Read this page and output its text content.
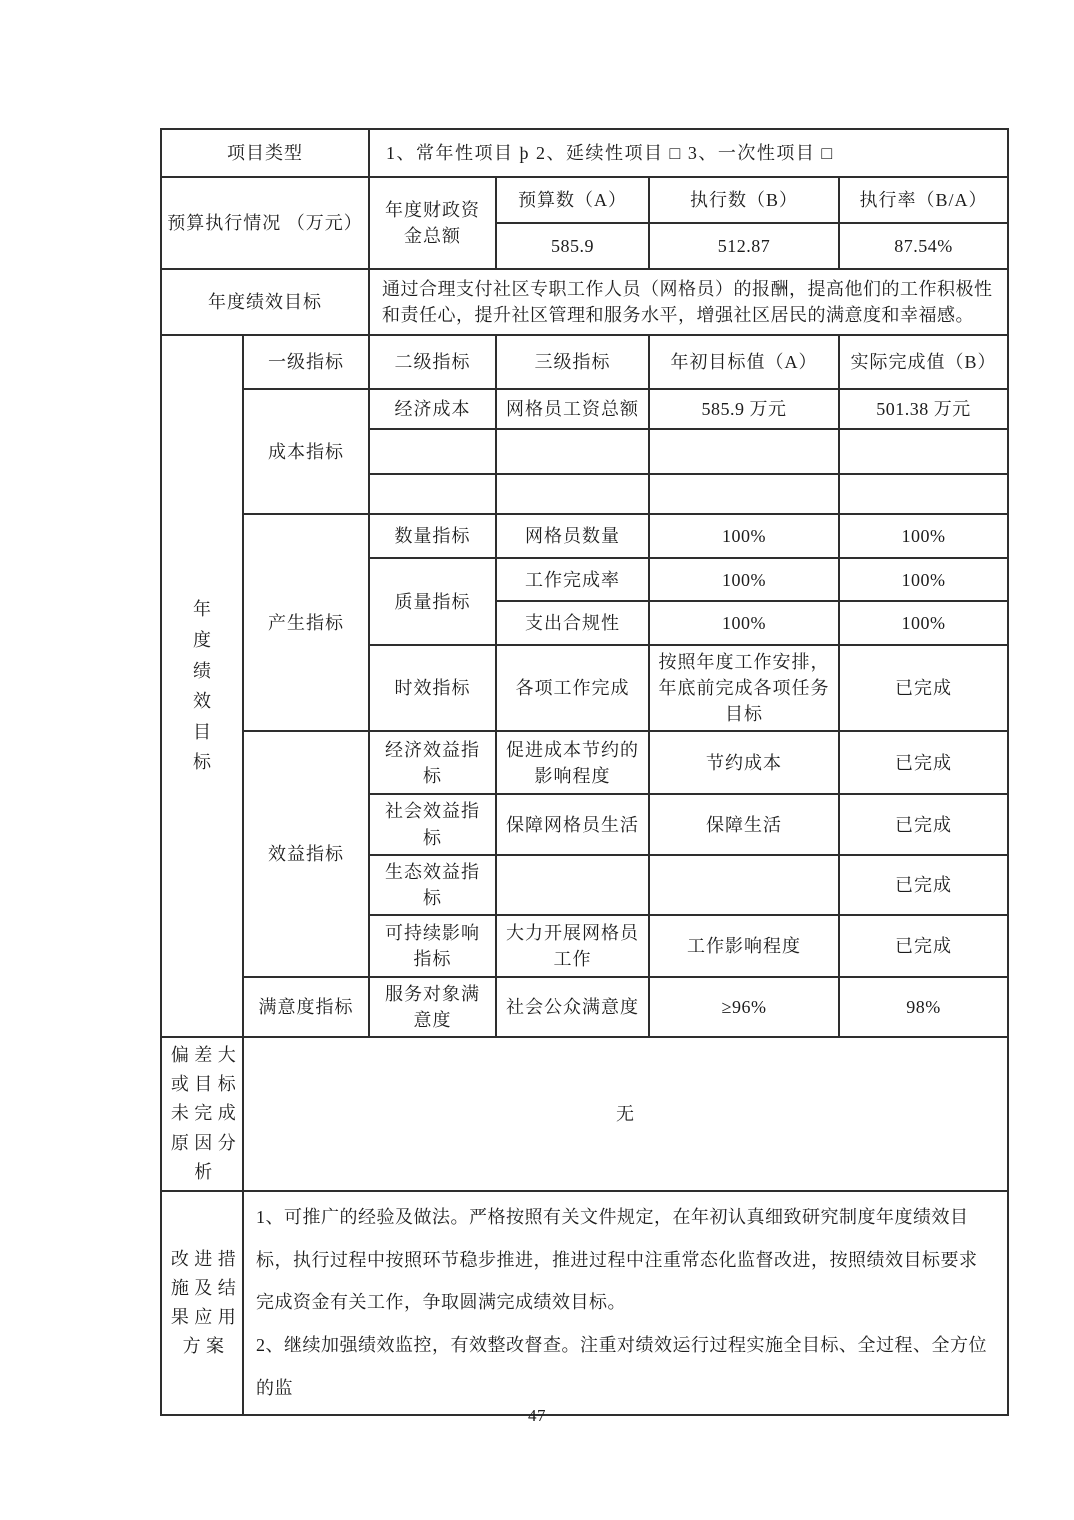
项目类型		1、常年性项目 þ 2、延续性项目 □ 3、一次性项目 □			
预算执行情况 （万元）		年度财政资金总额	预算数（A）	执行数（B）	执行率（B/A）
			585.9	512.87	87.54%
年度绩效目标		通过合理支付社区专职工作人员（网格员）的报酬，提高他们的工作积极性和责任心，提升社区管理和服务水平，增强社区居民的满意度和幸福感。			

年度绩效目标	一级指标	二级指标	三级指标	年初目标值（A）	实际完成值（B）
	成本指标	经济成本	网格员工资总额	585.9 万元	501.38 万元

	产生指标	数量指标	网格员数量	100%	100%
		质量指标	工作完成率	100%	100%
			支出合规性	100%	100%
		时效指标	各项工作完成	按照年度工作安排，年底前完成各项任务目标	已完成
	效益指标	经济效益指标	促进成本节约的影响程度	节约成本	已完成
		社会效益指标	保障网格员生活	保障生活	已完成
		生态效益指标			已完成
		可持续影响指标	大力开展网格员工作	工作影响程度	已完成
	满意度指标	服务对象满意度	社会公众满意度	≥96%	98%

偏差大或目标未完成原因分析	无				

改进措施及结果应用方案	1、可推广的经验及做法。严格按照有关文件规定，在年初认真细致研究制度年度绩效目标，执行过程中按照环节稳步推进，推进过程中注重常态化监督改进，按照绩效目标要求完成资金有关工作，争取圆满完成绩效目标。
2、继续加强绩效监控，有效整改督查。注重对绩效运行过程实施全目标、全过程、全方位的监				
47
